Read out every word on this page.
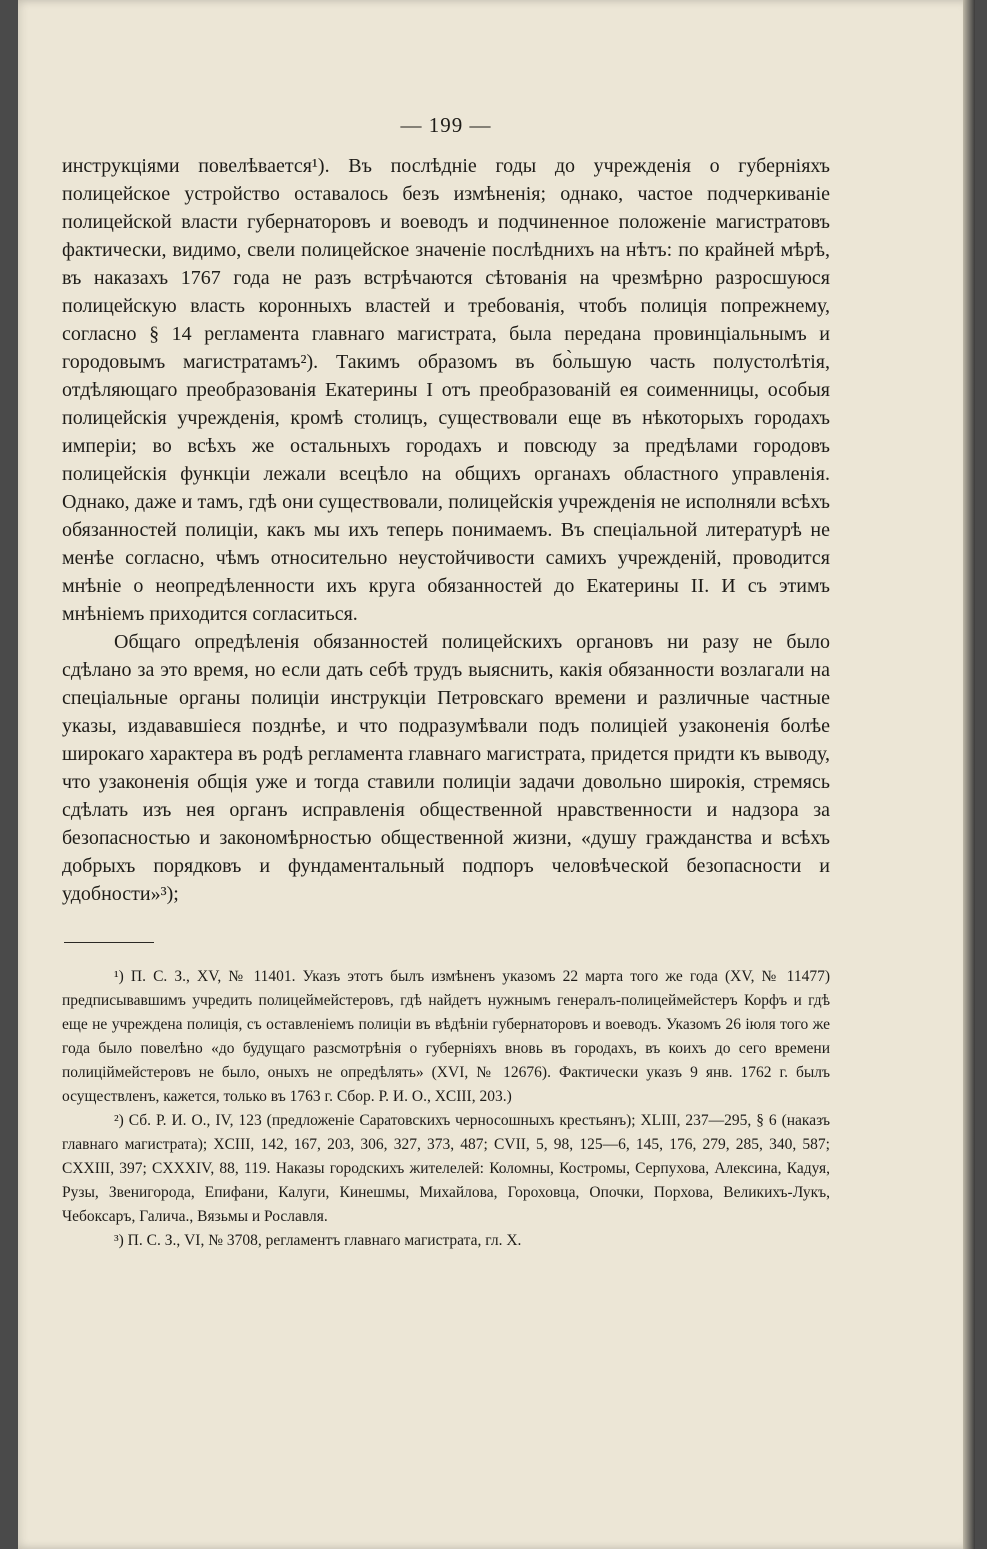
— 199 —

инструкціями повелѣвается¹). Въ послѣдніе годы до учрежденія о губерніяхъ полицейское устройство оставалось безъ измѣненія; однако, частое подчеркиваніе полицейской власти губернаторовъ и воеводъ и подчиненное положеніе магистратовъ фактически, видимо, свели полицейское значеніе послѣднихъ на нѣтъ: по крайней мѣрѣ, въ наказахъ 1767 года не разъ встрѣчаются сѣтованія на чрезмѣрно разросшуюся полицейскую власть коронныхъ властей и требованія, чтобъ полиція попрежнему, согласно § 14 регламента главнаго магистрата, была передана провинціальнымъ и городовымъ магистратамъ²). Такимъ образомъ въ бо̀льшую часть полустолѣтія, отдѣляющаго преобразованія Екатерины I отъ преобразованій ея соименницы, особыя полицейскія учрежденія, кромѣ столицъ, существовали еще въ нѣкоторыхъ городахъ имперіи; во всѣхъ же остальныхъ городахъ и повсюду за предѣлами городовъ полицейскія функціи лежали всецѣло на общихъ органахъ областного управленія. Однако, даже и тамъ, гдѣ они существовали, полицейскія учрежденія не исполняли всѣхъ обязанностей полиціи, какъ мы ихъ теперь понимаемъ. Въ спеціальной литературѣ не менѣе согласно, чѣмъ относительно неустойчивости самихъ учрежденій, проводится мнѣніе о неопредѣленности ихъ круга обязанностей до Екатерины II. И съ этимъ мнѣніемъ приходится согласиться.

Общаго опредѣленія обязанностей полицейскихъ органовъ ни разу не было сдѣлано за это время, но если дать себѣ трудъ выяснить, какія обязанности возлагали на спеціальные органы полиціи инструкціи Петровскаго времени и различные частные указы, издававшіеся позднѣе, и что подразумѣвали подъ полиціей узаконенія болѣе широкаго характера въ родѣ регламента главнаго магистрата, придется придти къ выводу, что узаконенія общія уже и тогда ставили полиціи задачи довольно широкія, стремясь сдѣлать изъ нея органъ исправленія общественной нравственности и надзора за безопасностью и закономѣрностью общественной жизни, «душу гражданства и всѣхъ добрыхъ порядковъ и фундаментальный подпоръ человѣческой безопасности и удобности»³);

¹) П. С. З., XV, № 11401. Указъ этотъ былъ измѣненъ указомъ 22 марта того же года (XV, № 11477) предписывавшимъ учредить полицеймейстеровъ, гдѣ найдетъ нужнымъ генералъ-полицеймейстеръ Корфъ и гдѣ еще не учреждена полиція, съ оставленіемъ полиціи въ вѣдѣніи губернаторовъ и воеводъ. Указомъ 26 іюля того же года было повелѣно «до будущаго разсмотрѣнія о губерніяхъ вновь въ городахъ, въ коихъ до сего времени полиціймейстеровъ не было, оныхъ не опредѣлять» (XVI, № 12676). Фактически указъ 9 янв. 1762 г. былъ осуществленъ, кажется, только въ 1763 г. Сбор. Р. И. О., XCIII, 203.)

²) Сб. Р. И. О., IV, 123 (предложеніе Саратовскихъ черносошныхъ крестьянъ); XLIII, 237—295, § 6 (наказъ главнаго магистрата); XCIII, 142, 167, 203, 306, 327, 373, 487; CVII, 5, 98, 125—6, 145, 176, 279, 285, 340, 587; CXXIII, 397; CXXXIV, 88, 119. Наказы городскихъ жителелей: Коломны, Костромы, Серпухова, Алексина, Кадуя, Рузы, Звенигорода, Епифани, Калуги, Кинешмы, Михайлова, Гороховца, Опочки, Порхова, Великихъ-Лукъ, Чебоксаръ, Галича., Вязьмы и Рославля.

³) П. С. З., VI, № 3708, регламентъ главнаго магистрата, гл. X.
